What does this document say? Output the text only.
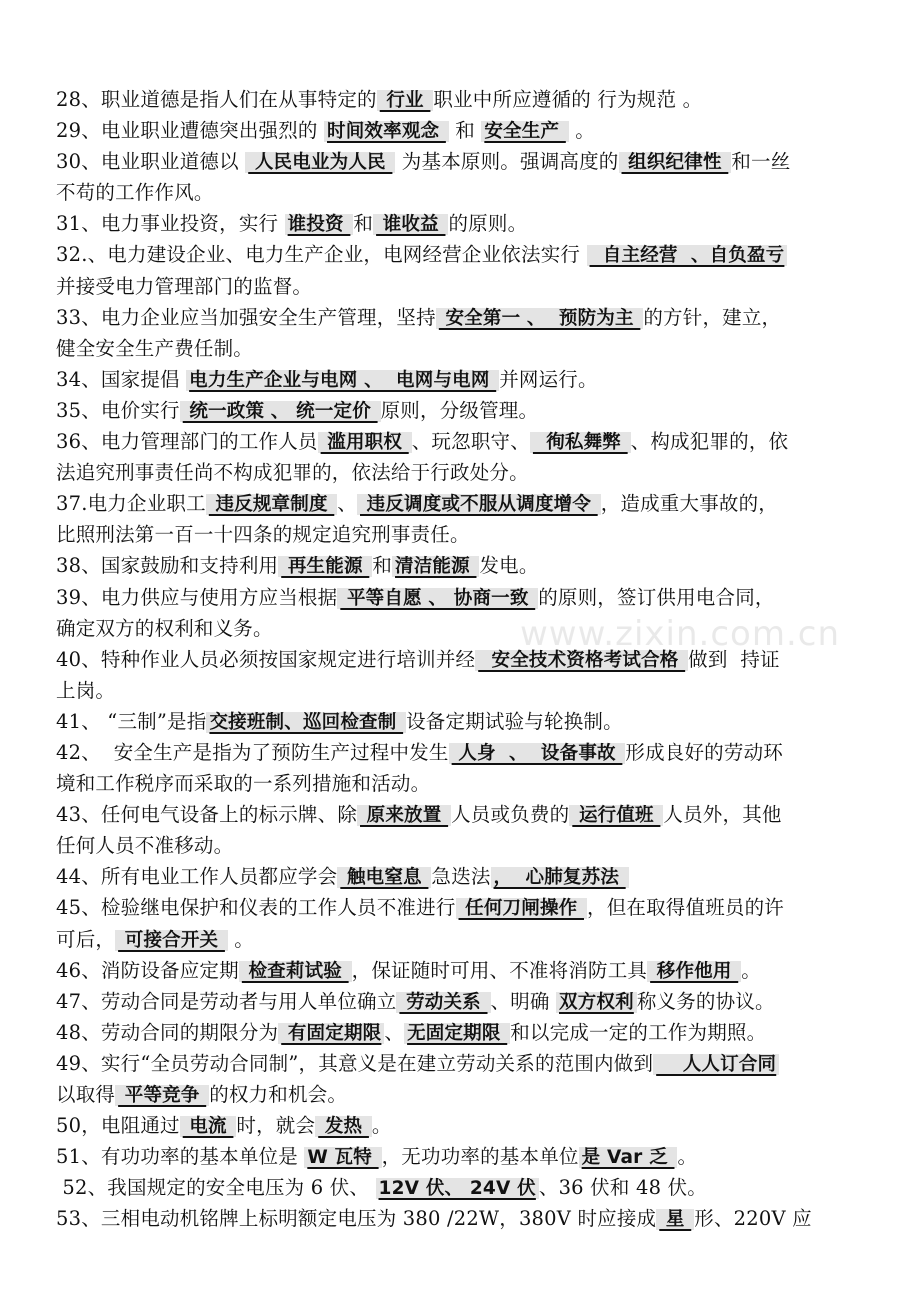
28、职业道德是指人们在从事特定的 行业 职业中所应遵循的 行为规范 。
29、电业职业遭德突出强烈的 时间效率观念  和 安全生产  。
30、电业职业道德以  人民电业为人民  为基本原则。强调高度的 组织纪律性 和一丝
不苟的工作作风。
31、电力事业投资，实行 谁投资 和 谁收益 的原则。
32.、电力建设企业、电力生产企业，电网经营企业依法实行   自主经营  、自负盈亏
并接受电力管理部门的监督。
33、电力企业应当加强安全生产管理，坚持 安全第一 、  预防为主 的方针，建立，
健全安全生产费任制。
34、国家提倡 电力生产企业与电网 、  电网与电网 并网运行。
35、电价实行 统一政策 、 统一定价 原则，分级管理。
36、电力管理部门的工作人员 滥用职权 、玩忽职守、  徇私舞弊 、构成犯罪的，依
法追究刑事责任尚不构成犯罪的，依法给于行政处分。
37.电力企业职工 违反规章制度 、 违反调度或不服从调度增令 ，造成重大事故的，
比照刑法第一百一十四条的规定追究刑事责任。
38、国家鼓励和支持利用 再生能源 和 清洁能源 发电。
39、电力供应与使用方应当根据 平等自愿 、 协商一致 的原则，签订供用电合同，
确定双方的权利和义务。
40、特种作业人员必须按国家规定进行培训并经  安全技术资格考试合格 做到  持证
上岗。
41、 “三制”是指 交接班制、巡回检查制 设备定期试验与轮换制。
42、  安全生产是指为了预防生产过程中发生 人身  、  设备事故 形成良好的劳动环
境和工作税序而采取的一系列措施和活动。
43、任何电气设备上的标示牌、除 原来放置 人员或负费的 运行值班 人员外，其他
任何人员不准移动。
44、所有电业工作人员都应学会 触电窒息 急迭法 ，  心肺复苏法
45、检验继电保护和仪表的工作人员不准进行 任何刀闸操作 ，但在取得值班员的许
可后， 可接合开关  。
46、消防设备应定期 检查莉试验 ，保证随时可用、不准将消防工具 移作他用 。
47、劳动合同是劳动者与用人单位确立 劳动关系 、明确 双方权利 称义务的协议。
48、劳动合同的期限分为 有固定期限 、 无固定期限 和以完成一定的工作为期照。
49、实行“全员劳动合同制”，其意义是在建立劳动关系的范围内做到    人人订合同
以取得 平等竞争 的权力和机会。
50，电阻通过 电流 时，就会 发热 。
51、有功功率的基本单位是 W 瓦特 ，无功功率的基本单位 是 Var 乏 。
52、我国规定的安全电压为 6 伏、 12V 伏、 24V 伏 、36 伏和 48 伏。
53、三相电动机铭牌上标明额定电压为 380 /22W，380V 时应接成 星 形、220V 应
www.zixin.com.cn
